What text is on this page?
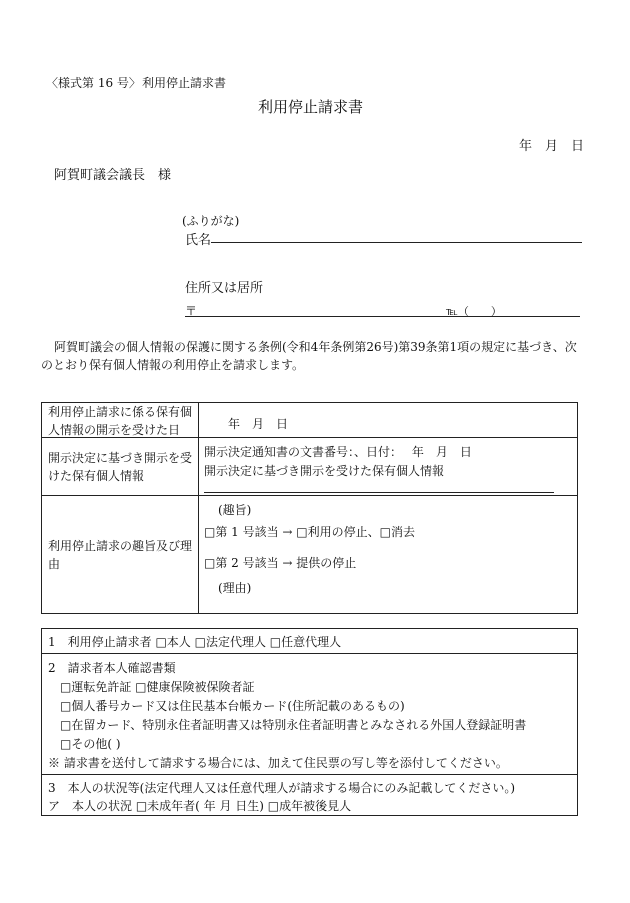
〈様式第 16 号〉 利用停止請求書
利用停止請求書
年　月　日
阿賀町議会議長　様
(ふりがな)
氏名
住所又は居所
〒	℡（　　）
阿賀町議会の個人情報の保護に関する条例(令和4年条例第26号)第39条第1項の規定に基づき、次
のとおり保有個人情報の利用停止を請求します。
利用停止請求に係る保有個
人情報の開示を受けた日	年　月　日
開示決定に基づき開示を受
けた保有個人情報
開示決定通知書の文書番号：、日付：　 年　月　日
開示決定に基づき開示を受けた保有個人情報
利用停止請求の趣旨及び理
由
(趣旨)
□第 1 号該当 → □利用の停止、□消去
□第 2 号該当 → 提供の停止
(理由)
1　利用停止請求者 □本人 □法定代理人 □任意代理人
2　請求者本人確認書類
□運転免許証 □健康保険被保険者証
□個人番号カード又は住民基本台帳カード(住所記載のあるもの)
□在留カード、特別永住者証明書又は特別永住者証明書とみなされる外国人登録証明書
□その他( )
※ 請求書を送付して請求する場合には、加えて住民票の写し等を添付してください。
3　本人の状況等(法定代理人又は任意代理人が請求する場合にのみ記載してください。)
ア　本人の状況 □未成年者( 年 月 日生) □成年被後見人
